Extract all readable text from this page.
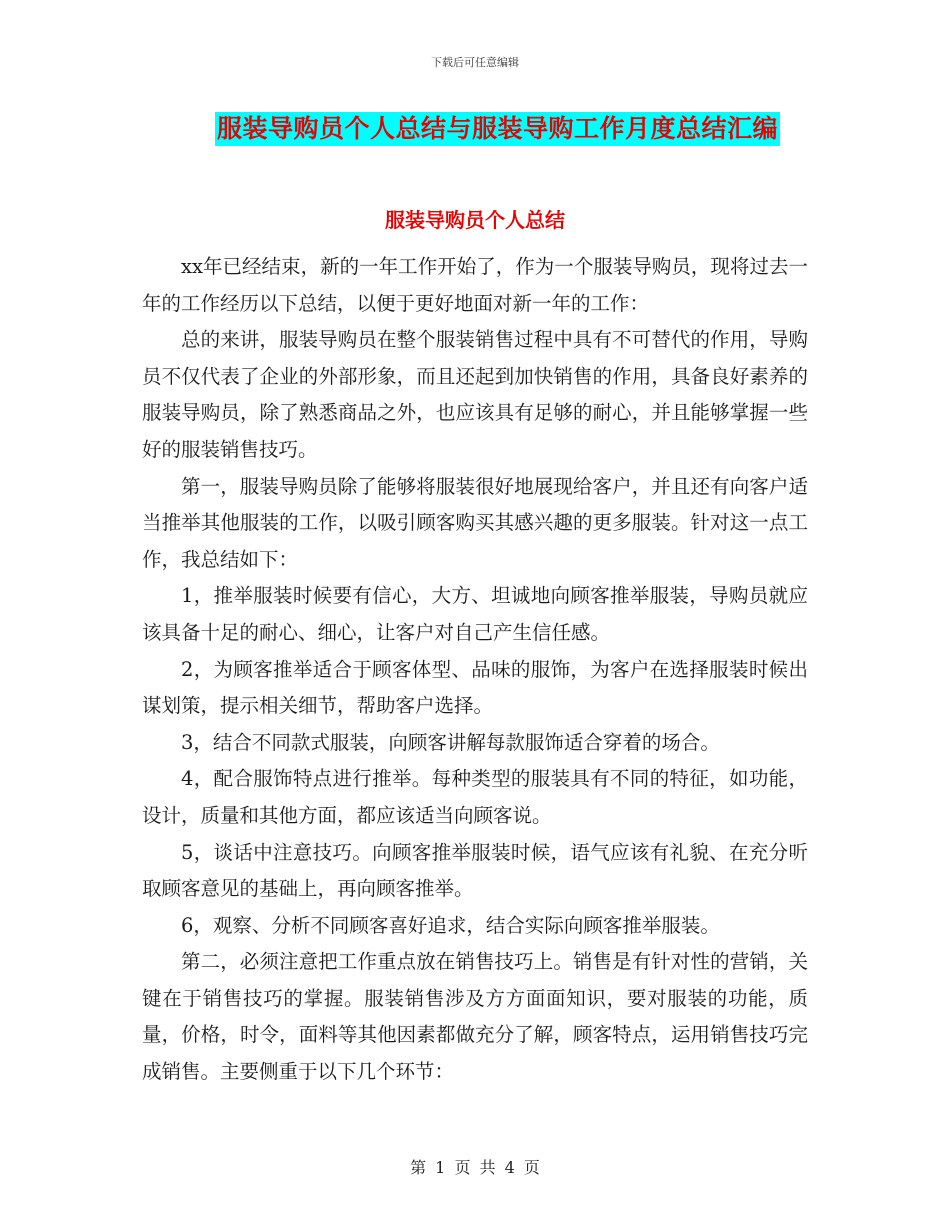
下载后可任意编辑
服装导购员个人总结与服装导购工作月度总结汇编
服装导购员个人总结

xx年已经结束，新的一年工作开始了，作为一个服装导购员，现将过去一年的工作经历以下总结，以便于更好地面对新一年的工作：

总的来讲，服装导购员在整个服装销售过程中具有不可替代的作用，导购员不仅代表了企业的外部形象，而且还起到加快销售的作用，具备良好素养的服装导购员，除了熟悉商品之外，也应该具有足够的耐心，并且能够掌握一些好的服装销售技巧。

第一，服装导购员除了能够将服装很好地展现给客户，并且还有向客户适当推举其他服装的工作，以吸引顾客购买其感兴趣的更多服装。针对这一点工作，我总结如下：

1，推举服装时候要有信心，大方、坦诚地向顾客推举服装，导购员就应该具备十足的耐心、细心，让客户对自己产生信任感。

2，为顾客推举适合于顾客体型、品味的服饰，为客户在选择服装时候出谋划策，提示相关细节，帮助客户选择。

3，结合不同款式服装，向顾客讲解每款服饰适合穿着的场合。

4，配合服饰特点进行推举。每种类型的服装具有不同的特征，如功能，设计，质量和其他方面，都应该适当向顾客说。

5，谈话中注意技巧。向顾客推举服装时候，语气应该有礼貌、在充分听取顾客意见的基础上，再向顾客推举。

6，观察、分析不同顾客喜好追求，结合实际向顾客推举服装。

第二，必须注意把工作重点放在销售技巧上。销售是有针对性的营销，关键在于销售技巧的掌握。服装销售涉及方方面面知识，要对服装的功能，质量，价格，时令，面料等其他因素都做充分了解，顾客特点，运用销售技巧完成销售。主要侧重于以下几个环节：

第 1 页 共 4 页
